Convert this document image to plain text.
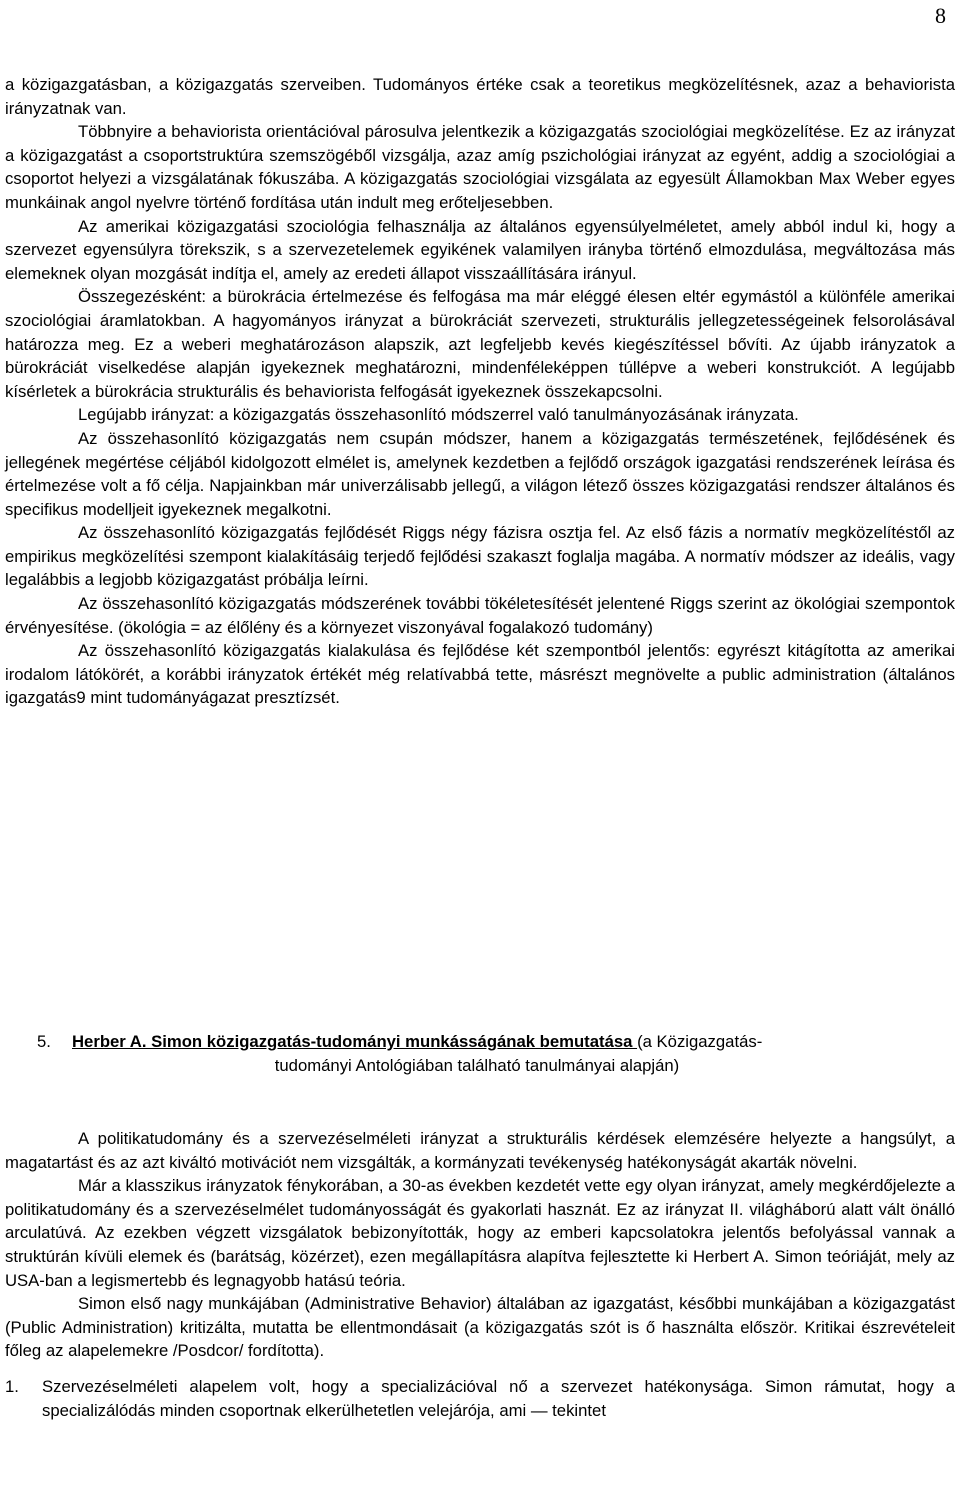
8

a közigazgatásban, a közigazgatás szerveiben. Tudományos értéke csak a teoretikus megközelítésnek, azaz a behaviorista irányzatnak van.

Többnyire a behaviorista orientációval párosulva jelentkezik a közigazgatás szociológiai megközelítése. Ez az irányzat a közigazgatást a csoportstruktúra szemszögéből vizsgálja, azaz amíg pszichológiai irányzat az egyént, addig a szociológiai a csoportot helyezi a vizsgálatának fókuszába. A közigazgatás szociológiai vizsgálata az egyesült Államokban Max Weber egyes munkáinak angol nyelvre történő fordítása után indult meg erőteljesebben.

Az amerikai közigazgatási szociológia felhasználja az általános egyensúlyelméletet, amely abból indul ki, hogy a szervezet egyensúlyra törekszik, s a szervezetelemek egyikének valamilyen irányba történő elmozdulása, megváltozása más elemeknek olyan mozgását indítja el, amely az eredeti állapot visszaállítására irányul.

Összegezésként: a bürokrácia értelmezése és felfogása ma már eléggé élesen eltér egymástól a különféle amerikai szociológiai áramlatokban. A hagyományos irányzat a bürokráciát szervezeti, strukturális jellegzetességeinek felsorolásával határozza meg. Ez a weberi meghatározáson alapszik, azt legfeljebb kevés kiegészítéssel bővíti. Az újabb irányzatok a bürokráciát viselkedése alapján igyekeznek meghatározni, mindenféleképpen túllépve a weberi konstrukciót. A legújabb kísérletek a bürokrácia strukturális és behaviorista felfogását igyekeznek összekapcsolni.

Legújabb irányzat: a közigazgatás összehasonlító módszerrel való tanulmányozásának irányzata.

Az összehasonlító közigazgatás nem csupán módszer, hanem a közigazgatás természetének, fejlődésének és jellegének megértése céljából kidolgozott elmélet is, amelynek kezdetben a fejlődő országok igazgatási rendszerének leírása és értelmezése volt a fő célja. Napjainkban már univerzálisabb jellegű, a világon létező összes közigazgatási rendszer általános és specifikus modelljeit igyekeznek megalkotni.

Az összehasonlító közigazgatás fejlődését Riggs négy fázisra osztja fel. Az első fázis a normatív megközelítéstől az empirikus megközelítési szempont kialakításáig terjedő fejlődési szakaszt foglalja magába. A normatív módszer az ideális, vagy legalábbis a legjobb közigazgatást próbálja leírni.

Az összehasonlító közigazgatás módszerének további tökéletesítését jelentené Riggs szerint az ökológiai szempontok érvényesítése. (ökológia = az élőlény és a környezet viszonyával fogalakozó tudomány)

Az összehasonlító közigazgatás kialakulása és fejlődése két szempontból jelentős: egyrészt kitágította az amerikai irodalom látókörét, a korábbi irányzatok értékét még relatívabbá tette, másrészt megnövelte a public administration (általános igazgatás9 mint tudományágazat presztízsét.

5.	Herber A. Simon közigazgatás-tudományi munkásságának bemutatása (a Közigazgatás-
tudományi Antológiában található tanulmányai alapján)

A politikatudomány és a szervezéselméleti irányzat a strukturális kérdések elemzésére helyezte a hangsúlyt, a magatartást és az azt kiváltó motivációt nem vizsgálták, a kormányzati tevékenység hatékonyságát akarták növelni.

Már a klasszikus irányzatok fénykorában, a 30-as években kezdetét vette egy olyan irányzat, amely megkérdőjelezte a politikatudomány és a szervezéselmélet tudományosságát és gyakorlati hasznát. Ez az irányzat II. világháború alatt vált önálló arculatúvá. Az ezekben végzett vizsgálatok bebizonyították, hogy az emberi kapcsolatokra jelentős befolyással vannak a struktúrán kívüli elemek és (barátság, közérzet), ezen megállapításra alapítva fejlesztette ki Herbert A. Simon teóriáját, mely az USA-ban a legismertebb és legnagyobb hatású teória.

Simon első nagy munkájában (Administrative Behavior) általában az igazgatást, későbbi munkájában a közigazgatást (Public Administration) kritizálta, mutatta be ellentmondásait (a közigazgatás szót is ő használta először. Kritikai észrevételeit főleg az alapelemekre /Posdcor/ fordította).

1.	Szervezéselméleti alapelem volt, hogy a specializációval nő a szervezet hatékonysága. Simon rámutat, hogy a specializálódás minden csoportnak elkerülhetetlen velejárója, ami — tekintet
